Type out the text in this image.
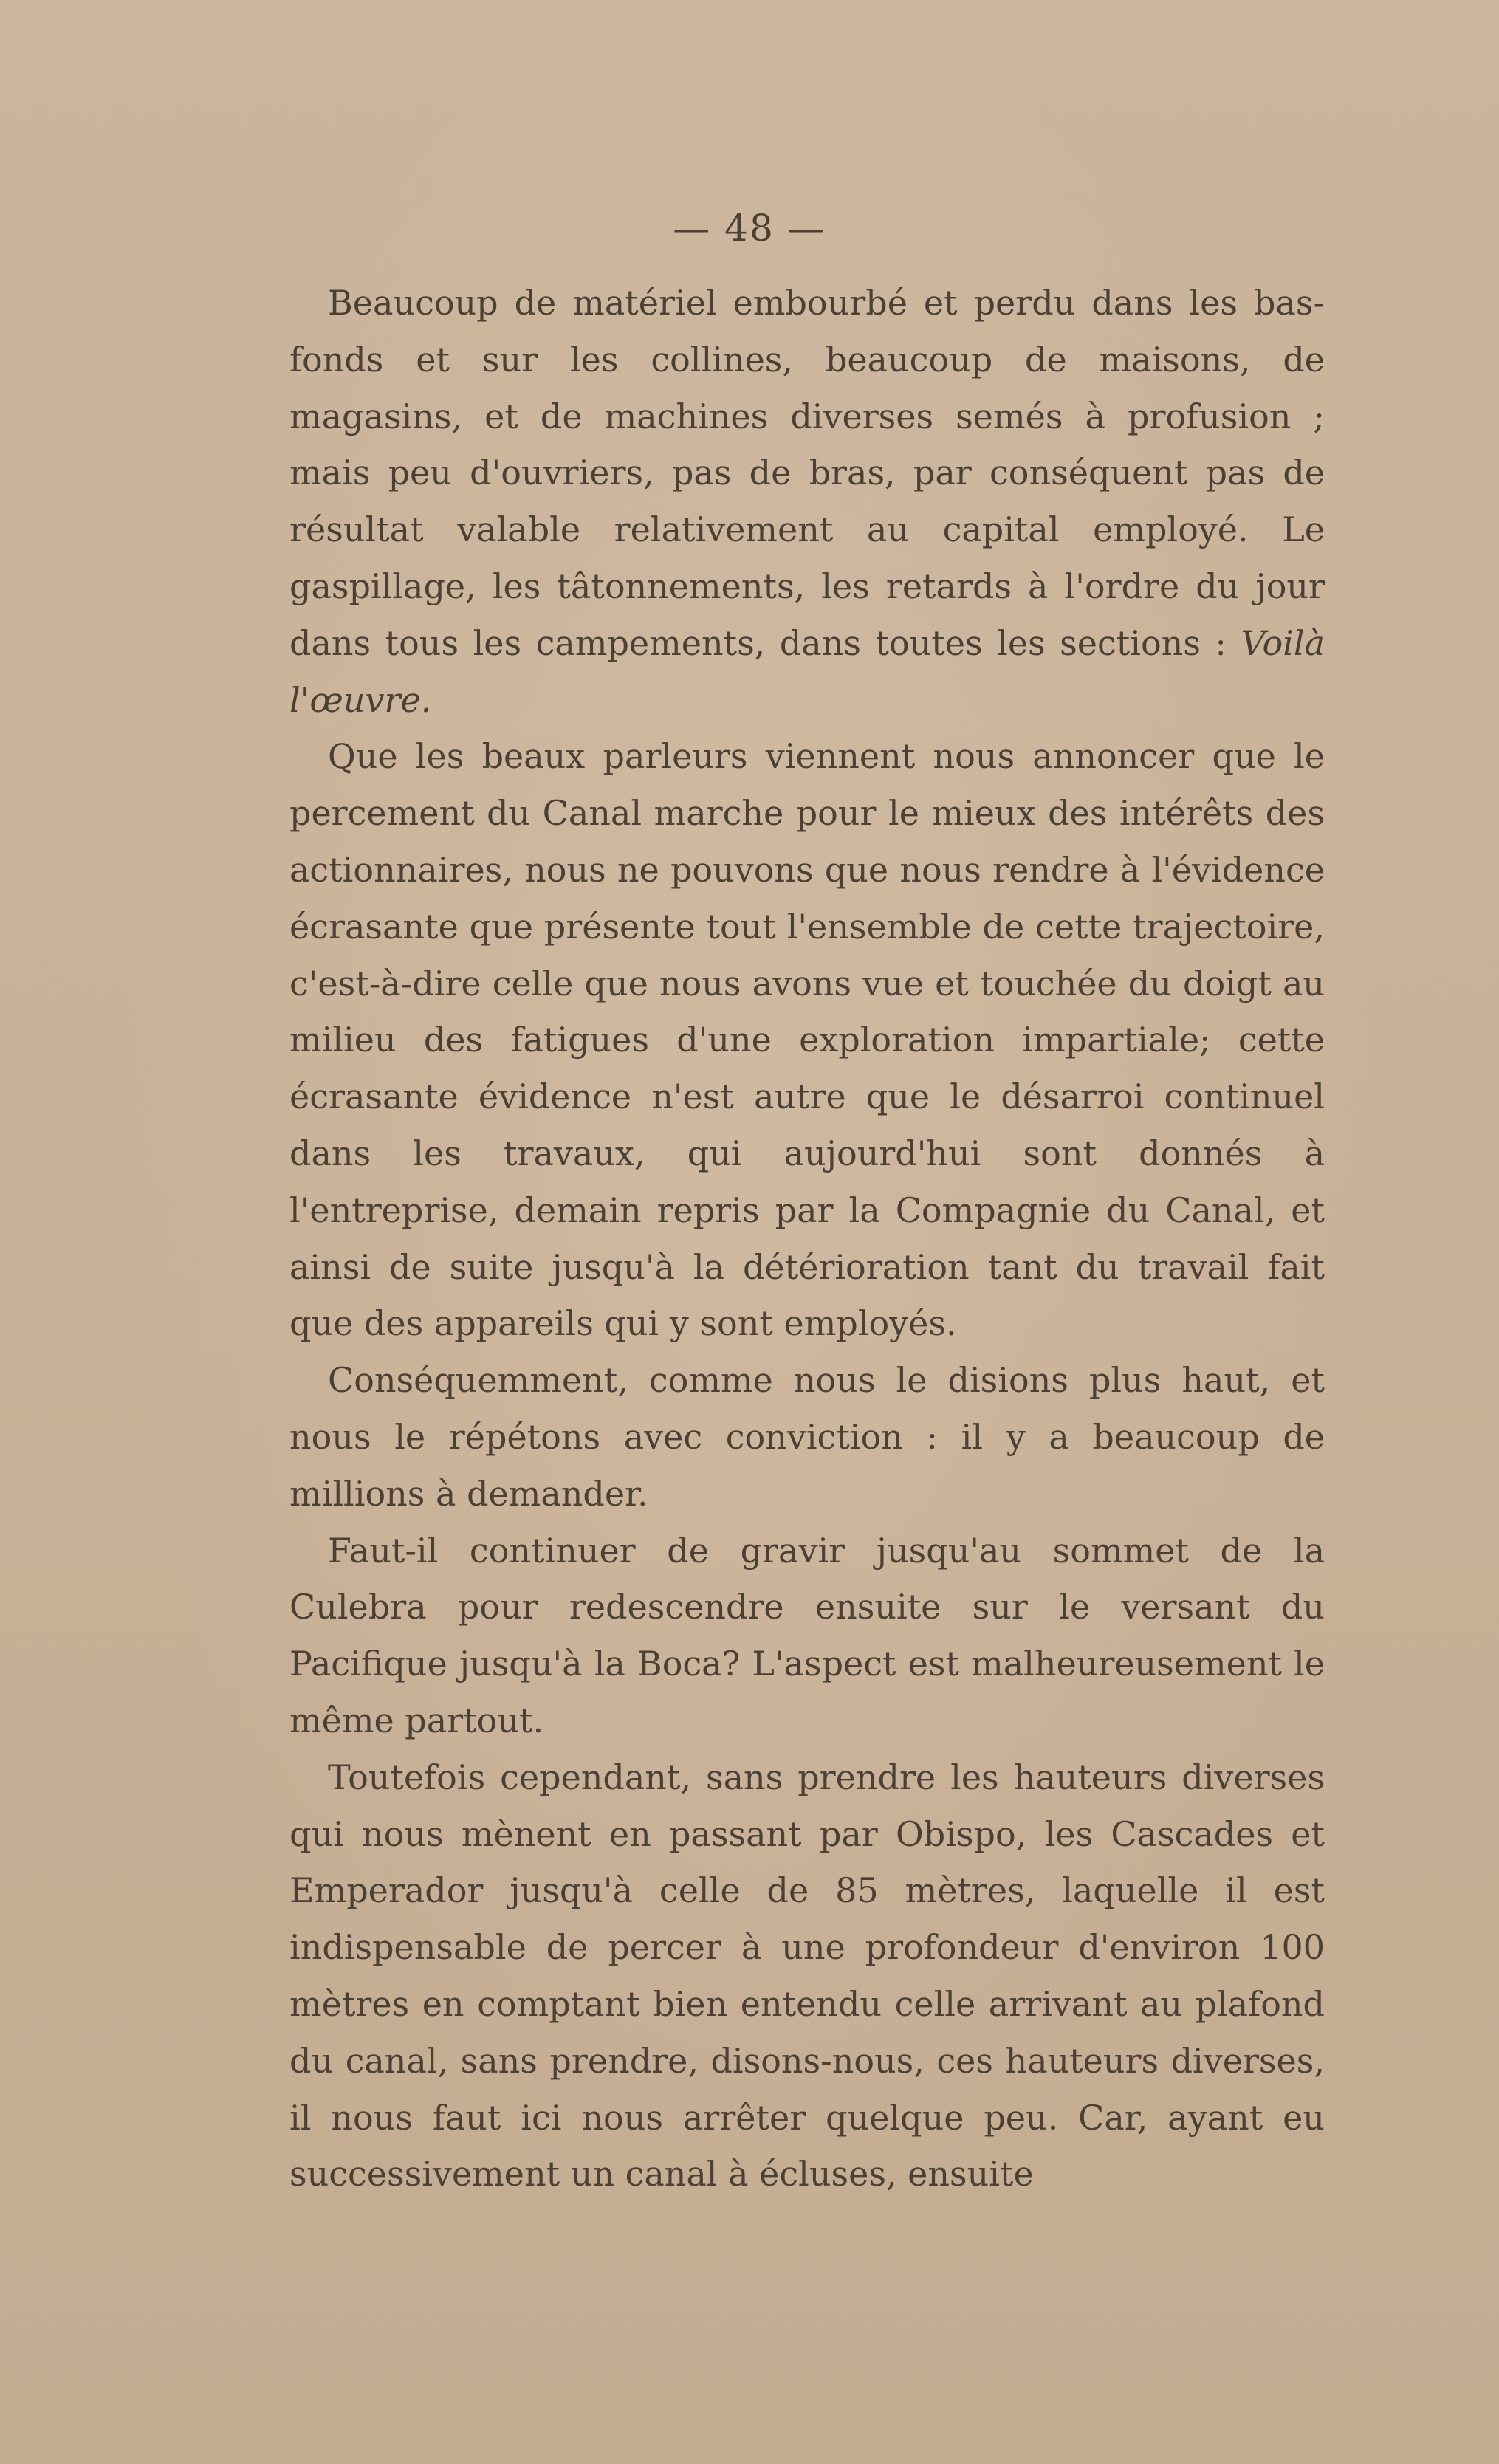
— 48 —

Beaucoup de matériel embourbé et perdu dans les bas-fonds et sur les collines, beaucoup de maisons, de magasins, et de machines diverses semés à profusion ; mais peu d'ouvriers, pas de bras, par conséquent pas de résultat valable relativement au capital employé. Le gaspillage, les tâtonnements, les retards à l'ordre du jour dans tous les campements, dans toutes les sections : Voilà l'œuvre.

Que les beaux parleurs viennent nous annoncer que le percement du Canal marche pour le mieux des intérêts des actionnaires, nous ne pouvons que nous rendre à l'évidence écrasante que présente tout l'ensemble de cette trajectoire, c'est-à-dire celle que nous avons vue et touchée du doigt au milieu des fatigues d'une exploration impartiale; cette écrasante évidence n'est autre que le désarroi continuel dans les travaux, qui aujourd'hui sont donnés à l'entreprise, demain repris par la Compagnie du Canal, et ainsi de suite jusqu'à la détérioration tant du travail fait que des appareils qui y sont employés.

Conséquemment, comme nous le disions plus haut, et nous le répétons avec conviction : il y a beaucoup de millions à demander.

Faut-il continuer de gravir jusqu'au sommet de la Culebra pour redescendre ensuite sur le versant du Pacifique jusqu'à la Boca? L'aspect est malheureusement le même partout.

Toutefois cependant, sans prendre les hauteurs diverses qui nous mènent en passant par Obispo, les Cascades et Emperador jusqu'à celle de 85 mètres, laquelle il est indispensable de percer à une profondeur d'environ 100 mètres en comptant bien entendu celle arrivant au plafond du canal, sans prendre, disons-nous, ces hauteurs diverses, il nous faut ici nous arrêter quelque peu. Car, ayant eu successivement un canal à écluses, ensuite
